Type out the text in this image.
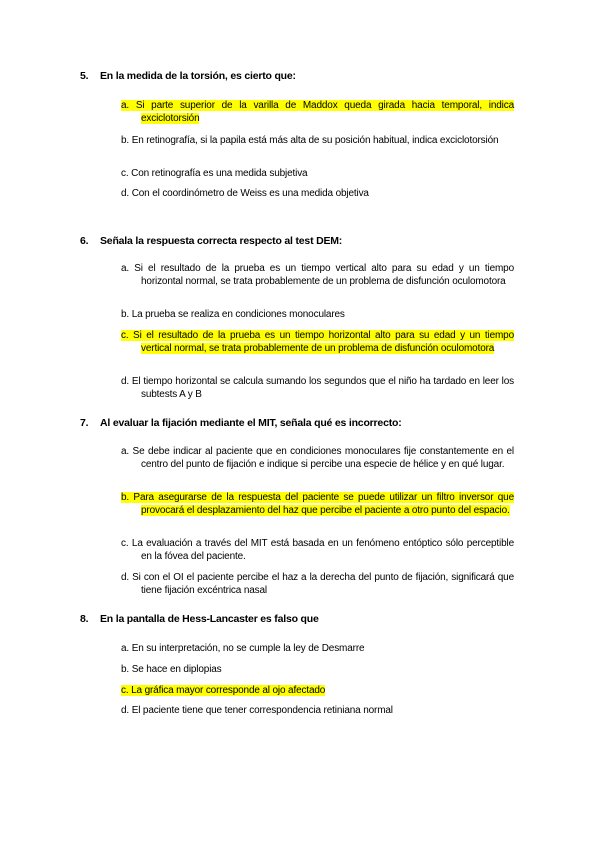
5. En la medida de la torsión, es cierto que:
a. Si parte superior de la varilla de Maddox queda girada hacia temporal, indica exciclotorsión
b. En retinografía, si la papila está más alta de su posición habitual, indica exciclotorsión
c. Con retinografía es una medida subjetiva
d. Con el coordinómetro de Weiss es una medida objetiva
6. Señala la respuesta correcta respecto al test DEM:
a. Si el resultado de la prueba es un tiempo vertical alto para su edad y un tiempo horizontal normal, se trata probablemente de un problema de disfunción oculomotora
b. La prueba se realiza en condiciones monoculares
c. Si el resultado de la prueba es un tiempo horizontal alto para su edad y un tiempo vertical normal, se trata probablemente de un problema de disfunción oculomotora
d. El tiempo horizontal se calcula sumando los segundos que el niño ha tardado en leer los subtests A y B
7. Al evaluar la fijación mediante el MIT, señala qué es incorrecto:
a. Se debe indicar al paciente que en condiciones monoculares fije constantemente en el centro del punto de fijación e indique si percibe una especie de hélice y en qué lugar.
b. Para asegurarse de la respuesta del paciente se puede utilizar un filtro inversor que provocará el desplazamiento del haz que percibe el paciente a otro punto del espacio.
c. La evaluación a través del MIT está basada en un fenómeno entóptico sólo perceptible en la fóvea del paciente.
d. Si con el OI el paciente percibe el haz a la derecha del punto de fijación, significará que tiene fijación excéntrica nasal
8. En la pantalla de Hess-Lancaster es falso que
a. En su interpretación, no se cumple la ley de Desmarre
b. Se hace en diplopias
c. La gráfica mayor corresponde al ojo afectado
d. El paciente tiene que tener correspondencia retiniana normal
